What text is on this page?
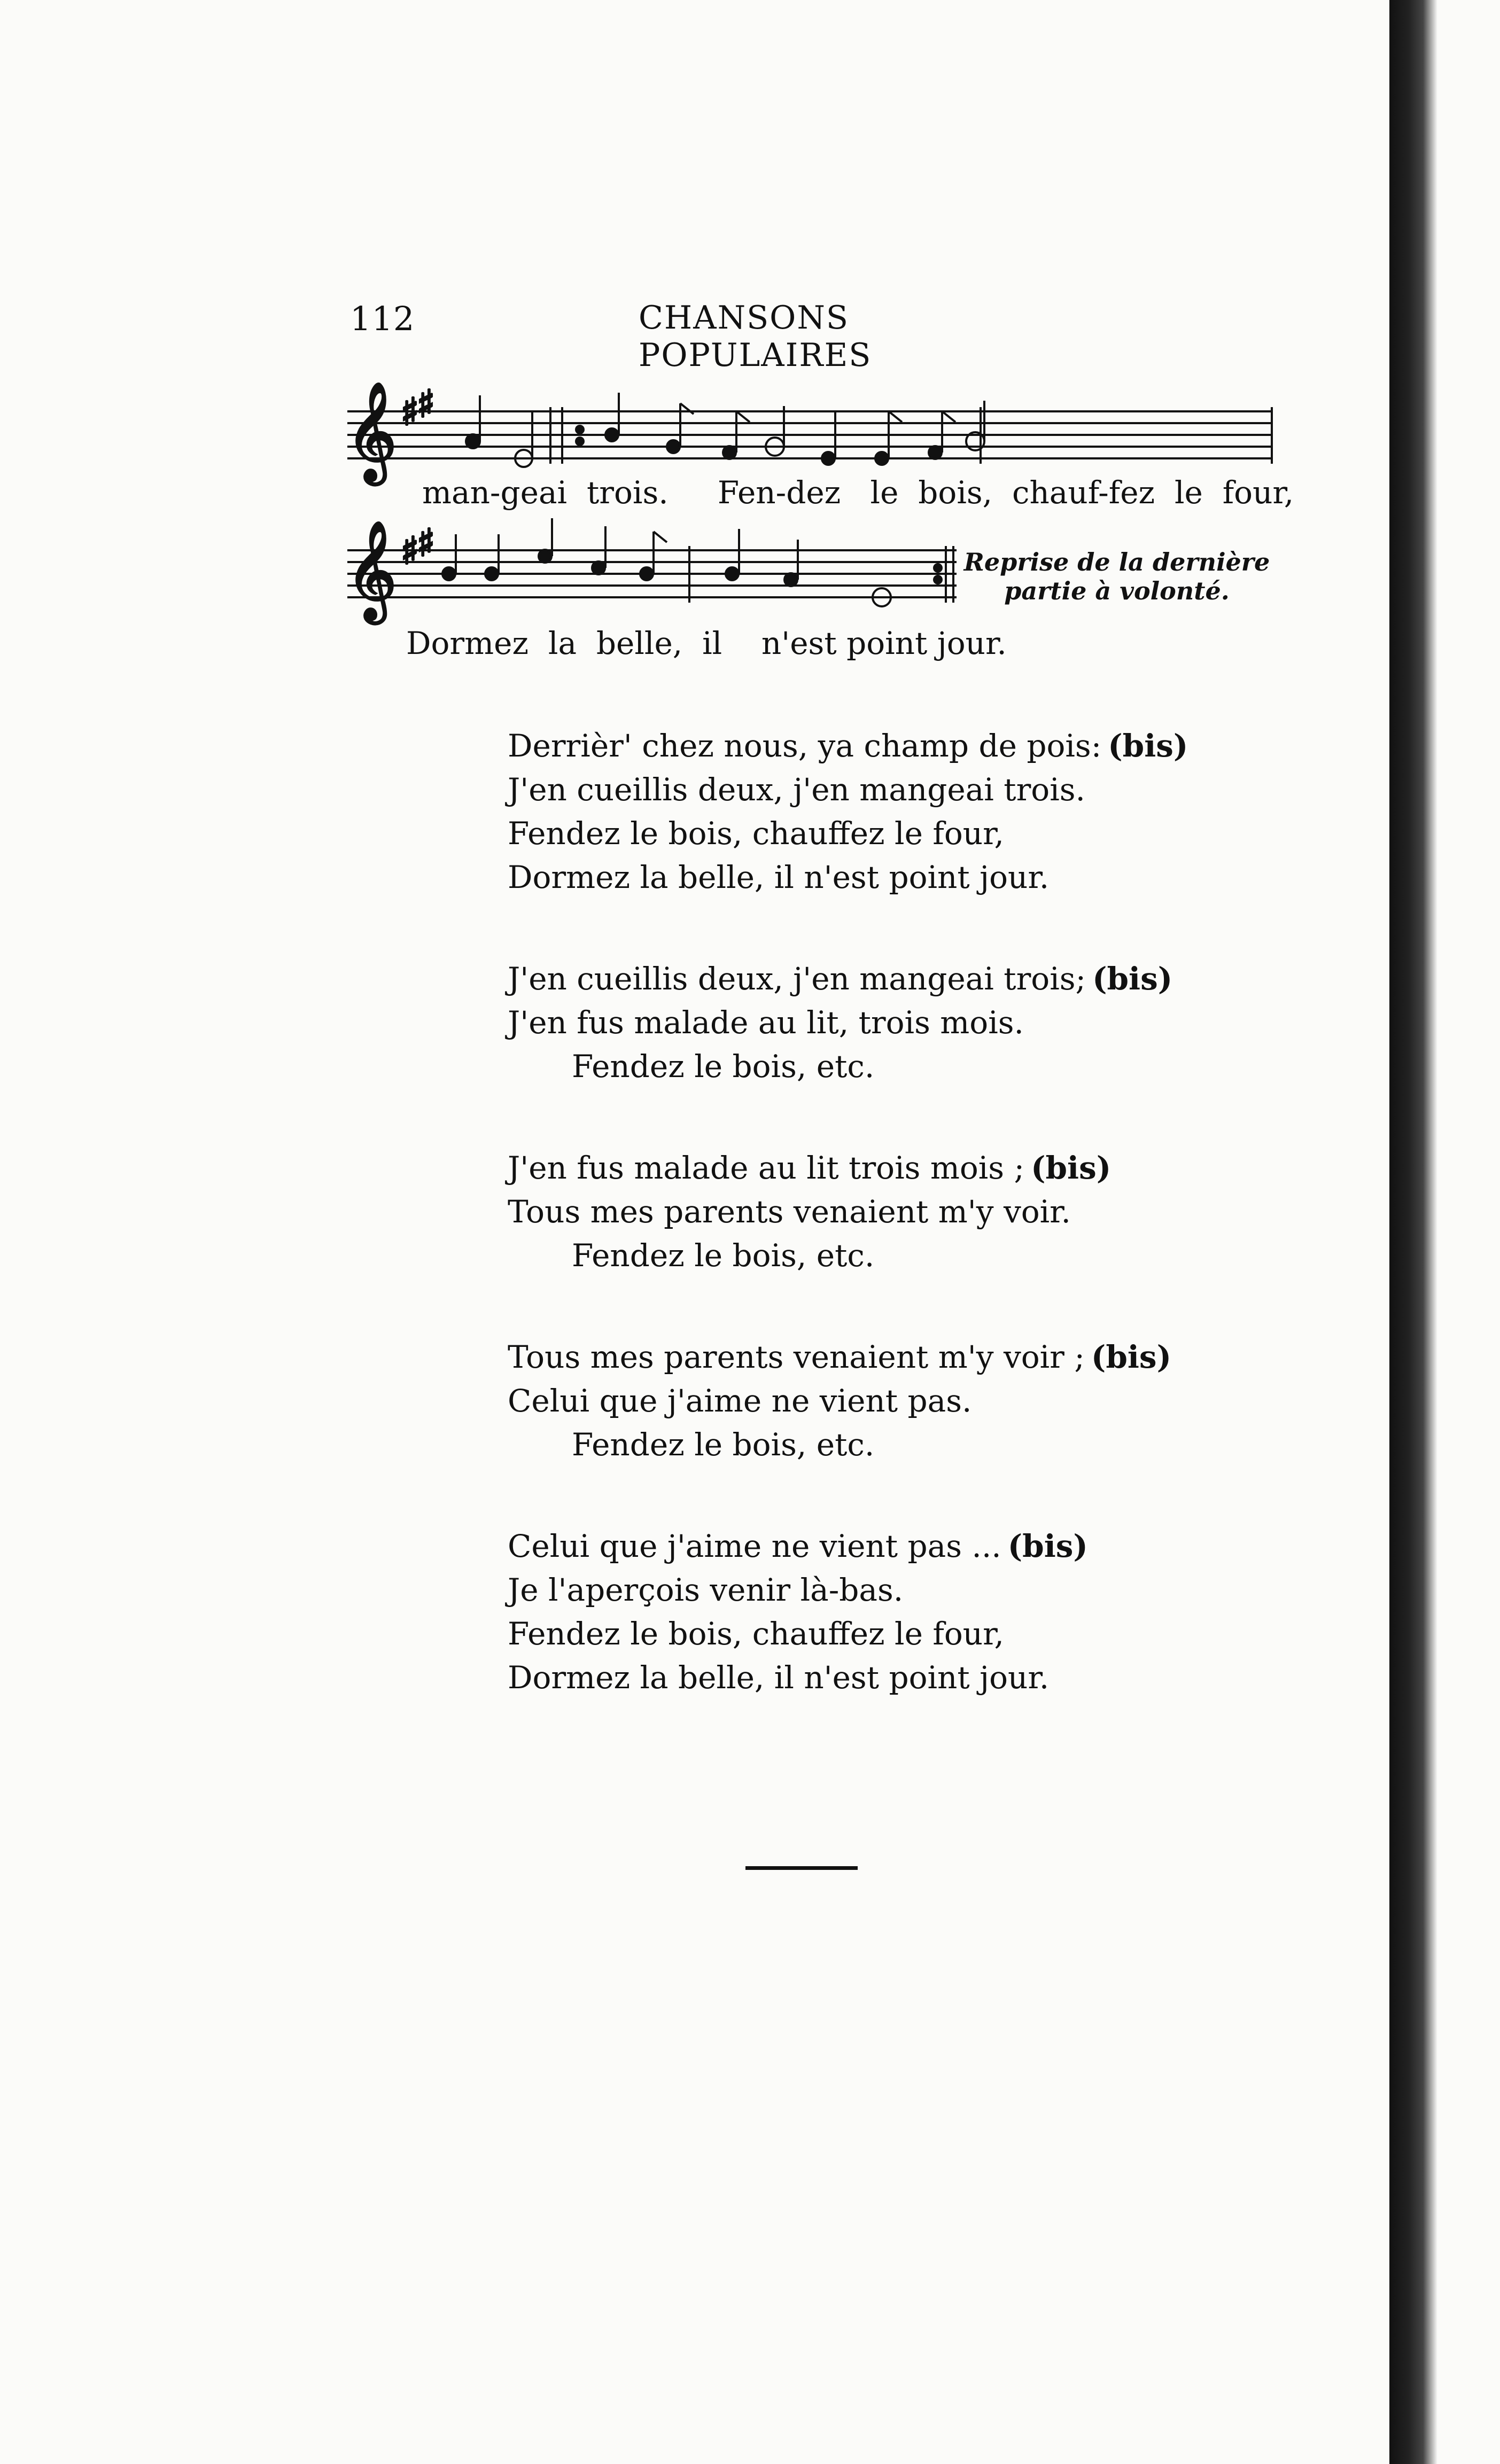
112	CHANSONS POPULAIRES
𝄞 ♯
♯
𝄞 ♯
♯
man-geai  trois.     Fen-dez   le  bois,  chauf-fez  le  four,
Dormez  la  belle,  il    n'est point jour.
Reprise de la dernière partie à volonté.
Derrièr' chez nous, ya champ de pois: (bis)
J'en cueillis deux, j'en mangeai trois.
Fendez le bois, chauffez le four,
Dormez la belle, il n'est point jour.
J'en cueillis deux, j'en mangeai trois; (bis)
J'en fus malade au lit, trois mois.
Fendez le bois, etc.
J'en fus malade au lit trois mois ; (bis)
Tous mes parents venaient m'y voir.
Fendez le bois, etc.
Tous mes parents venaient m'y voir ; (bis)
Celui que j'aime ne vient pas.
Fendez le bois, etc.
Celui que j'aime ne vient pas ... (bis)
Je l'aperçois venir là-bas.
Fendez le bois, chauffez le four,
Dormez la belle, il n'est point jour.
